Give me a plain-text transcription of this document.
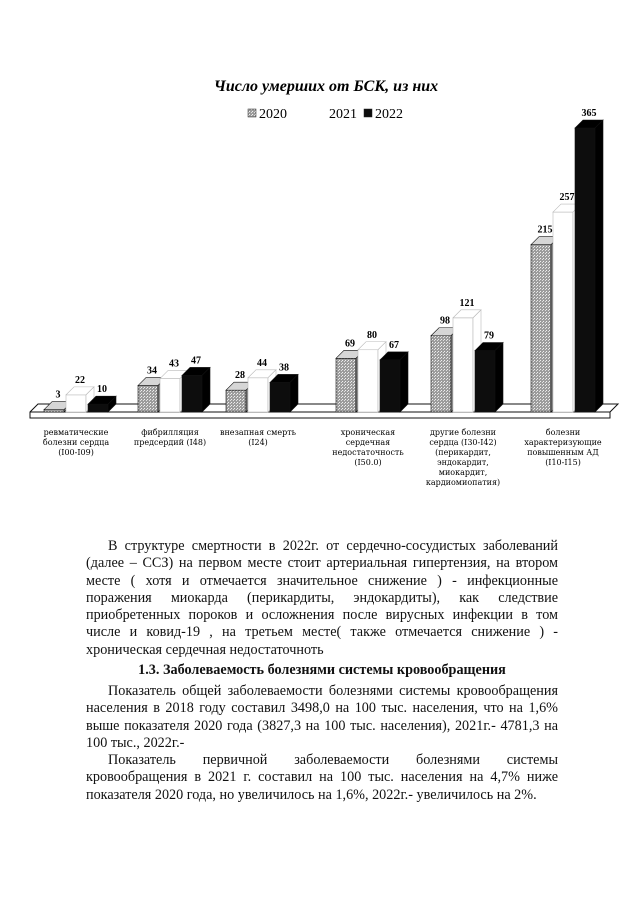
Число умерших от БСК, из них
2020	2021 2022
3
34	28
69
98
215
22
43	44
80
121
257
10
47
38
67
79
365
ревматические болезни сердца (I00-I09)
фибрилляция предсердий (I48)
внезапная смерть (I24)
хроническая сердечная недостаточность (I50.0)
другие болезни сердца (I30-I42) (перикардит, эндокардит, миокардит, кардиомиопатия)
болезни характеризующие повышенным АД (I10-I15)

В структуре смертности в 2022г. от сердечно-сосудистых заболеваний (далее – ССЗ) на первом месте стоит артериальная гипертензия, на втором месте ( хотя и отмечается значительное снижение ) - инфекционные поражения миокарда (перикардиты, эндокардиты), как следствие приобретенных пороков и осложнения после вирусных инфекции в том числе и ковид-19 , на третьем месте( также отмечается снижение ) - хроническая сердечная недостаточноть

1.3. Заболеваемость болезнями системы кровообращения

Показатель общей заболеваемости болезнями системы кровообращения населения в 2018 году составил 3498,0 на 100 тыс. населения, что на 1,6% выше показателя 2020 года (3827,3 на 100 тыс. населения), 2021г.- 4781,3 на 100 тыс., 2022г.-

Показатель первичной заболеваемости болезнями системы кровообращения в 2021 г. составил на 100 тыс. населения на 4,7% ниже показателя 2020 года, но увеличилось на 1,6%, 2022г.- увеличилось на 2%.
